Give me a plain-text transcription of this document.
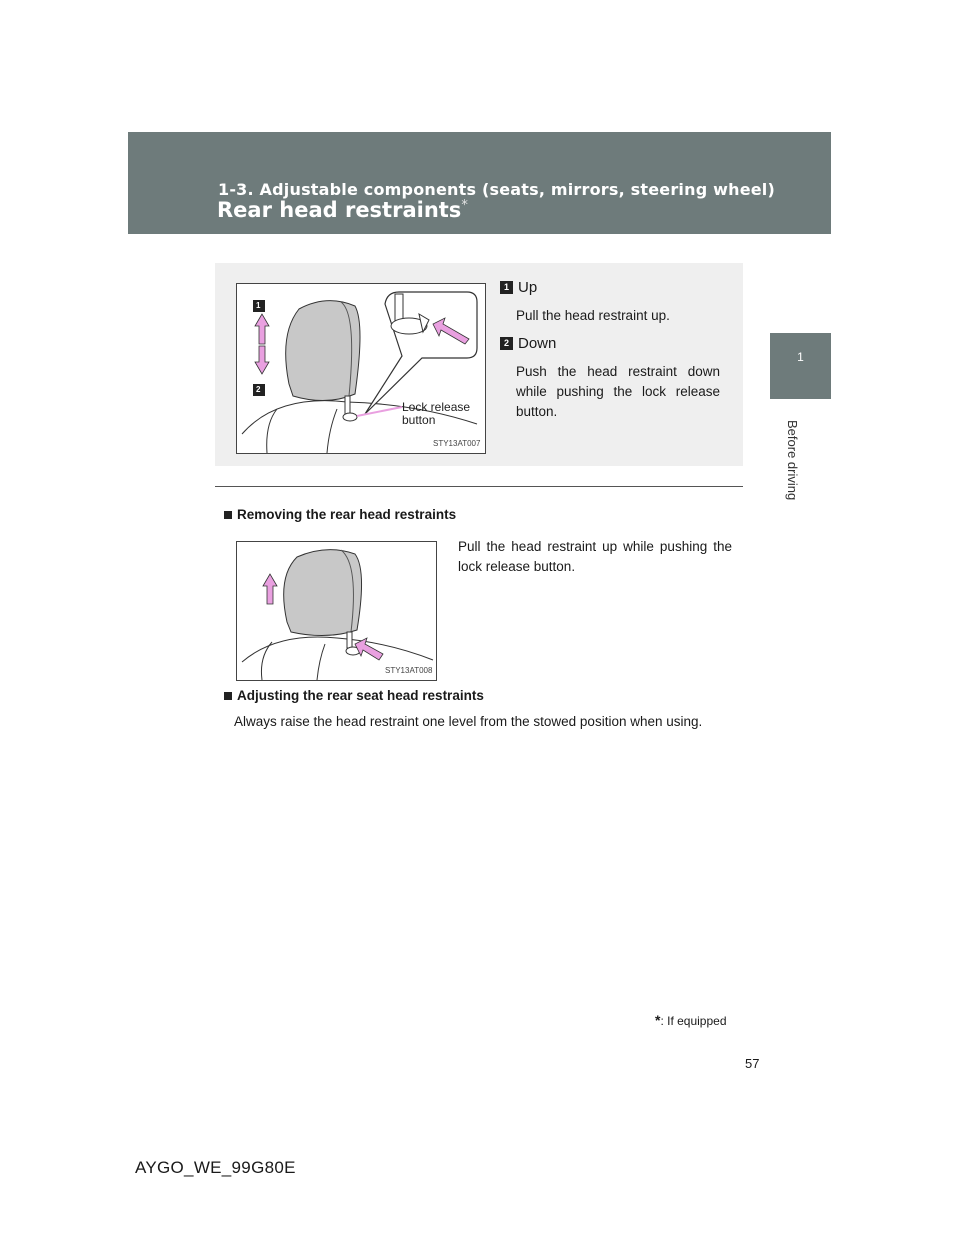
1-3. Adjustable components (seats, mirrors, steering wheel)
Rear head restraints*
1
Before driving
STY13AT007
Lock release
button
1
2
1 Up
Pull the head restraint up.
2 Down
Push the head restraint down while pushing the lock release button.
Removing the rear head restraints
Pull the head restraint up while pushing the lock release button.
STY13AT008
Adjusting the rear seat head restraints
Always raise the head restraint one level from the stowed position when using.
*: If equipped
57
AYGO_WE_99G80E
